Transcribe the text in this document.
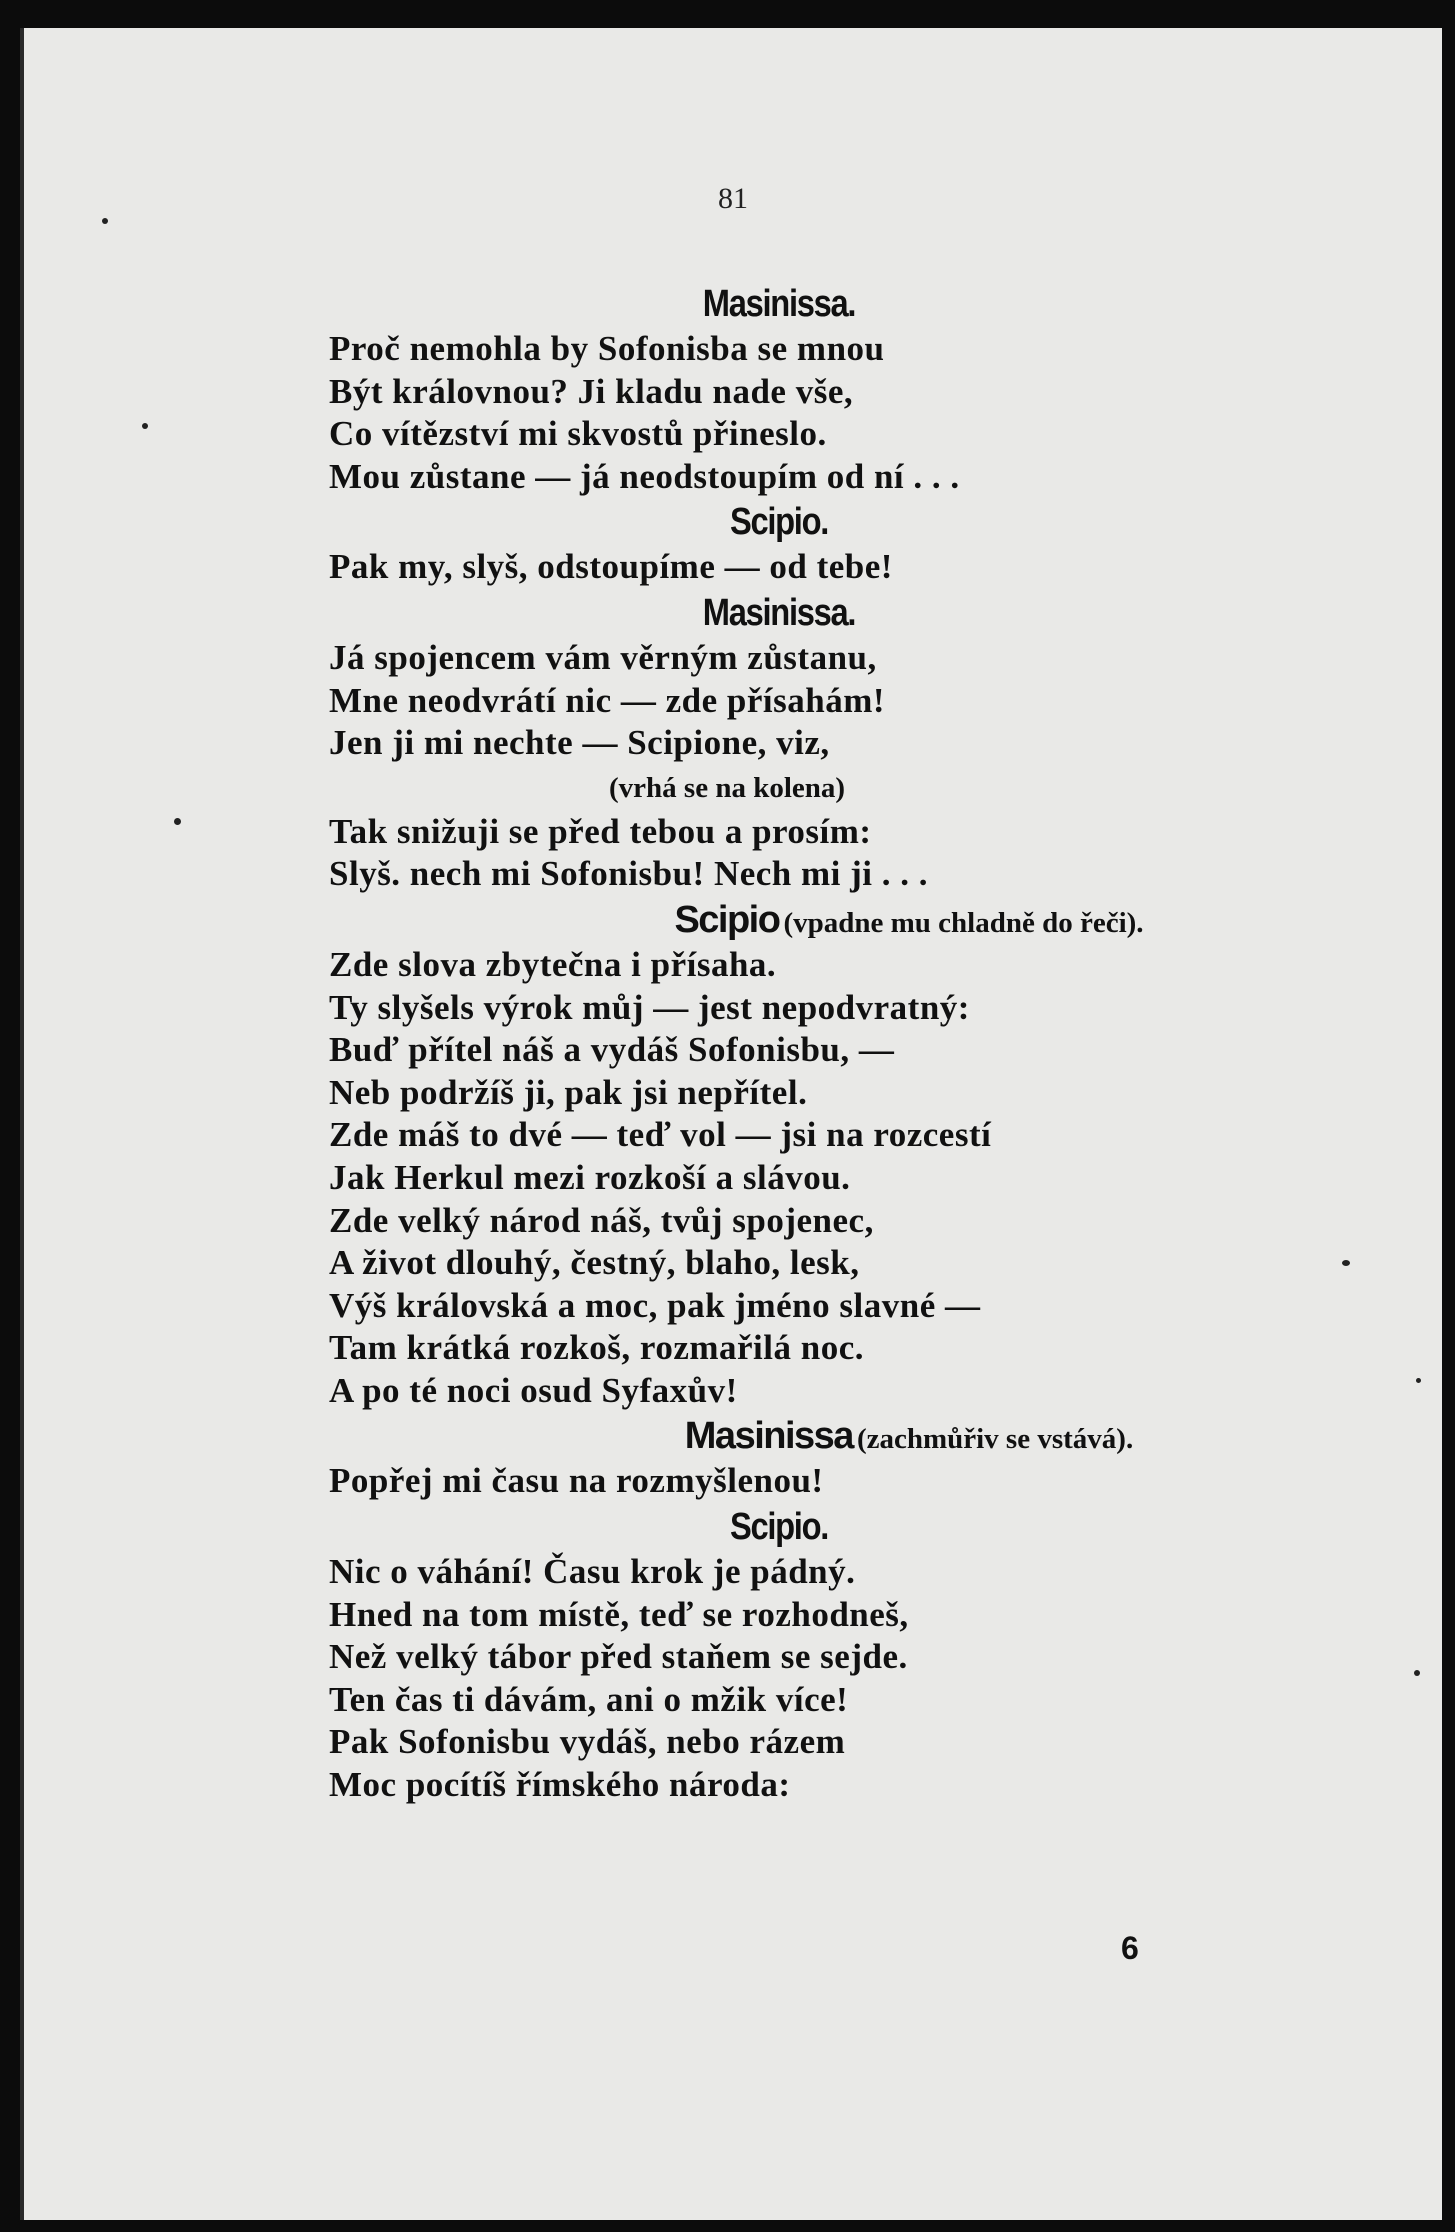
81
Masinissa.
Proč nemohla by Sofonisba se mnou
Být královnou? Ji kladu nade vše,
Co vítězství mi skvostů přineslo.
Mou zůstane — já neodstoupím od ní . . .
Scipio.
Pak my, slyš, odstoupíme — od tebe!
Masinissa.
Já spojencem vám věrným zůstanu,
Mne neodvrátí nic — zde přísahám!
Jen ji mi nechte — Scipione, viz,
(vrhá se na kolena)
Tak snižuji se před tebou a prosím:
Slyš. nech mi Sofonisbu! Nech mi ji . . .
Scipio (vpadne mu chladně do řeči).
Zde slova zbytečna i přísaha.
Ty slyšels výrok můj — jest nepodvratný:
Buď přítel náš a vydáš Sofonisbu, —
Neb podržíš ji, pak jsi nepřítel.
Zde máš to dvé — teď vol — jsi na rozcestí
Jak Herkul mezi rozkoší a slávou.
Zde velký národ náš, tvůj spojenec,
A život dlouhý, čestný, blaho, lesk,
Výš královská a moc, pak jméno slavné —
Tam krátká rozkoš, rozmařilá noc.
A po té noci osud Syfaxův!
Masinissa (zachmůřiv se vstává).
Popřej mi času na rozmyšlenou!
Scipio.
Nic o váhání! Času krok je pádný.
Hned na tom místě, teď se rozhodneš,
Než velký tábor před staňem se sejde.
Ten čas ti dávám, ani o mžik více!
Pak Sofonisbu vydáš, nebo rázem
Moc pocítíš římského národa:
6
